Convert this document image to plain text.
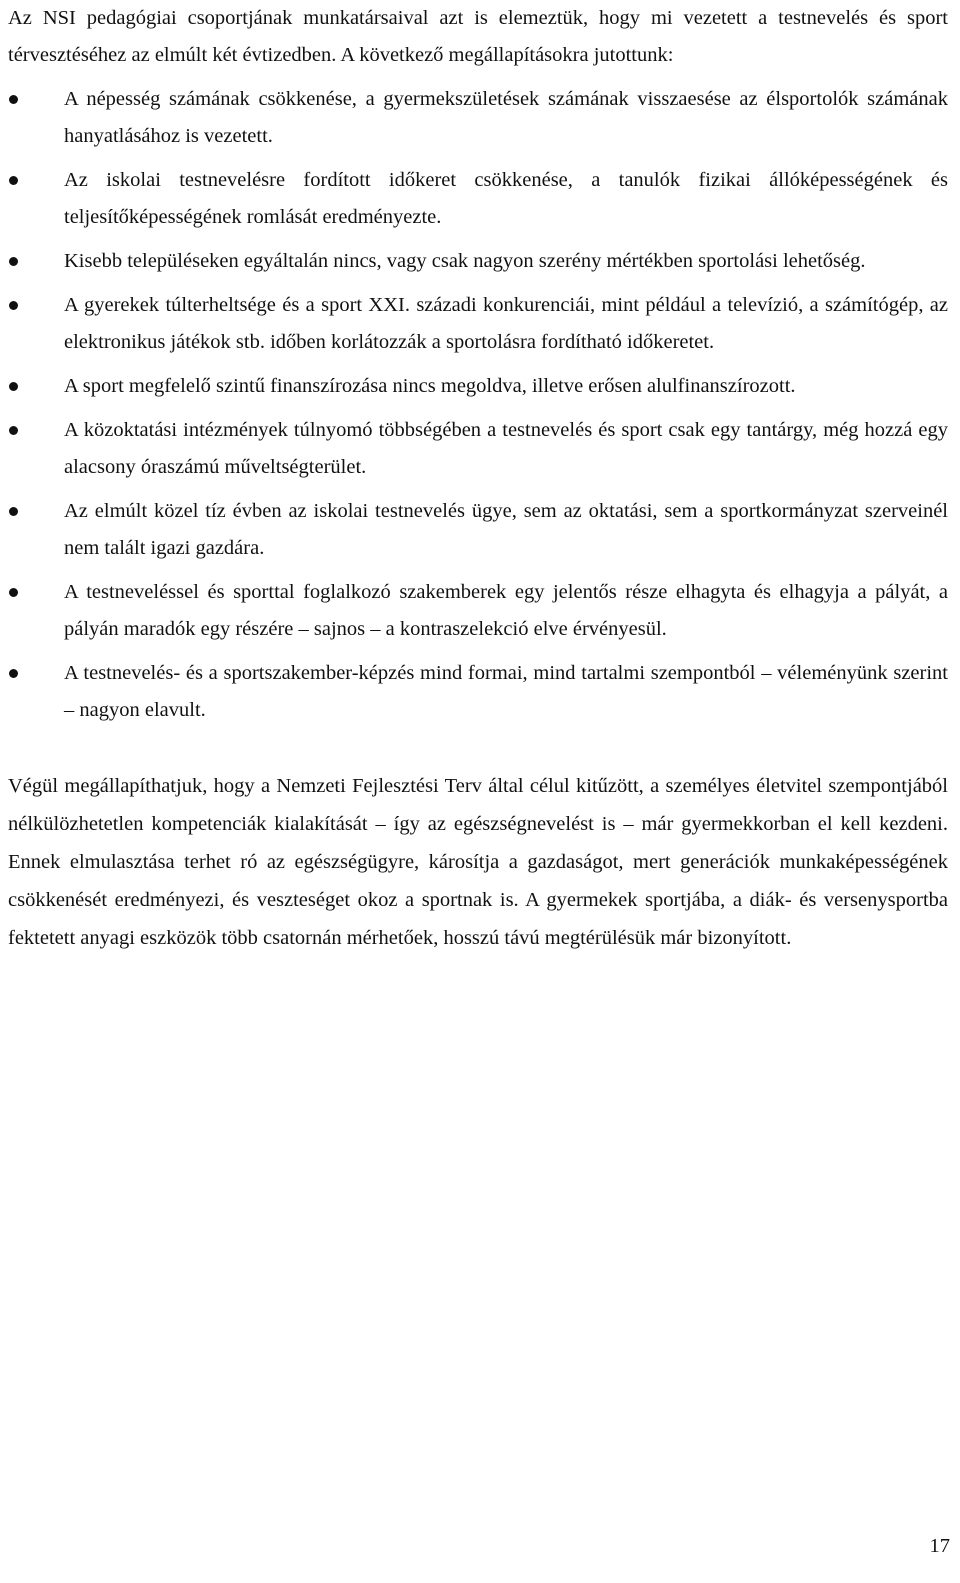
Az NSI pedagógiai csoportjának munkatársaival azt is elemeztük, hogy mi vezetett a testnevelés és sport térvesztéséhez az elmúlt két évtizedben. A következő megállapításokra jutottunk:

A népesség számának csökkenése, a gyermekszületések számának visszaesése az élsportolók számának hanyatlásához is vezetett.
Az iskolai testnevelésre fordított időkeret csökkenése, a tanulók fizikai állóképességének és teljesítőképességének romlását eredményezte.
Kisebb településeken egyáltalán nincs, vagy csak nagyon szerény mértékben sportolási lehetőség.
A gyerekek túlterheltsége és a sport XXI. századi konkurenciái, mint például a televízió, a számítógép, az elektronikus játékok stb. időben korlátozzák a sportolásra fordítható időkeretet.
A sport megfelelő szintű finanszírozása nincs megoldva, illetve erősen alulfinanszírozott.
A közoktatási intézmények túlnyomó többségében a testnevelés és sport csak egy tantárgy, még hozzá egy alacsony óraszámú műveltségterület.
Az elmúlt közel tíz évben az iskolai testnevelés ügye, sem az oktatási, sem a sportkormányzat szerveinél nem talált igazi gazdára.
A testneveléssel és sporttal foglalkozó szakemberek egy jelentős része elhagyta és elhagyja a pályát, a pályán maradók egy részére – sajnos – a kontraszelekció elve érvényesül.
A testnevelés- és a sportszakember-képzés mind formai, mind tartalmi szempontból – véleményünk szerint – nagyon elavult.

Végül megállapíthatjuk, hogy a Nemzeti Fejlesztési Terv által célul kitűzött, a személyes életvitel szempontjából nélkülözhetetlen kompetenciák kialakítását – így az egészségnevelést is – már gyermekkorban el kell kezdeni. Ennek elmulasztása terhet ró az egészségügyre, károsítja a gazdaságot, mert generációk munkaképességének csökkenését eredményezi, és veszteséget okoz a sportnak is. A gyermekek sportjába, a diák- és versenysportba fektetett anyagi eszközök több csatornán mérhetőek, hosszú távú megtérülésük már bizonyított.

17
